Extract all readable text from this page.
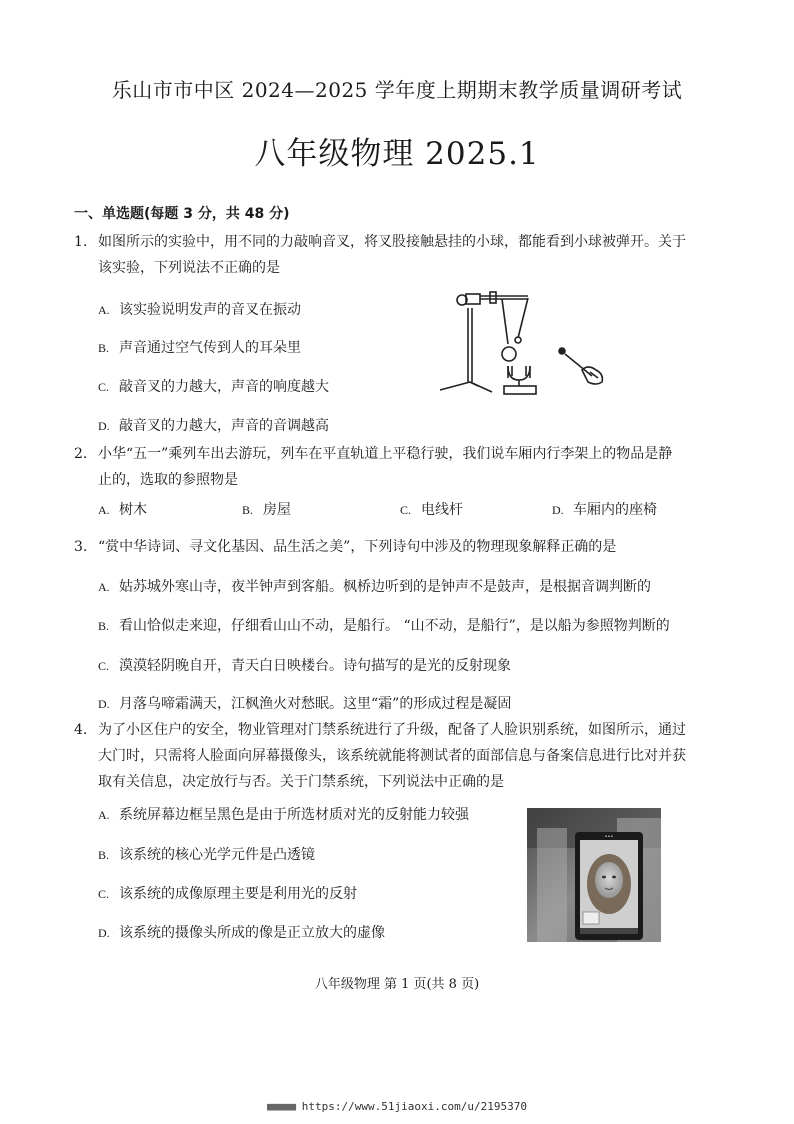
乐山市市中区 2024—2025 学年度上期期末教学质量调研考试
八年级物理 2025.1
一、单选题(每题 3 分，共 48 分)
1. 如图所示的实验中，用不同的力敲响音叉，将叉股接触悬挂的小球，都能看到小球被弹开。关于
该实验，下列说法不正确的是
A. 该实验说明发声的音叉在振动
B. 声音通过空气传到人的耳朵里
C. 敲音叉的力越大，声音的响度越大
D. 敲音叉的力越大，声音的音调越高
2. 小华“五一”乘列车出去游玩，列车在平直轨道上平稳行驶，我们说车厢内行李架上的物品是静
止的，选取的参照物是
A. 树木	B. 房屋	C. 电线杆	D. 车厢内的座椅
3. “赏中华诗词、寻文化基因、品生活之美”，下列诗句中涉及的物理现象解释正确的是
A. 姑苏城外寒山寺，夜半钟声到客船。枫桥边听到的是钟声不是鼓声，是根据音调判断的
B. 看山恰似走来迎，仔细看山山不动，是船行。 “山不动，是船行”，是以船为参照物判断的
C. 漠漠轻阴晚自开，青天白日映楼台。诗句描写的是光的反射现象
D. 月落乌啼霜满天，江枫渔火对愁眠。这里“霜”的形成过程是凝固
4. 为了小区住户的安全，物业管理对门禁系统进行了升级，配备了人脸识别系统，如图所示，通过
大门时，只需将人脸面向屏幕摄像头，该系统就能将测试者的面部信息与备案信息进行比对并获
取有关信息，决定放行与否。关于门禁系统，下列说法中正确的是
A. 系统屏幕边框呈黑色是由于所选材质对光的反射能力较强
B. 该系统的核心光学元件是凸透镜
C. 该系统的成像原理主要是利用光的反射
D. 该系统的摄像头所成的像是正立放大的虚像
•••
八年级物理 第 1 页(共 8 页)
■■■■■ https://www.51jiaoxi.com/u/2195370
